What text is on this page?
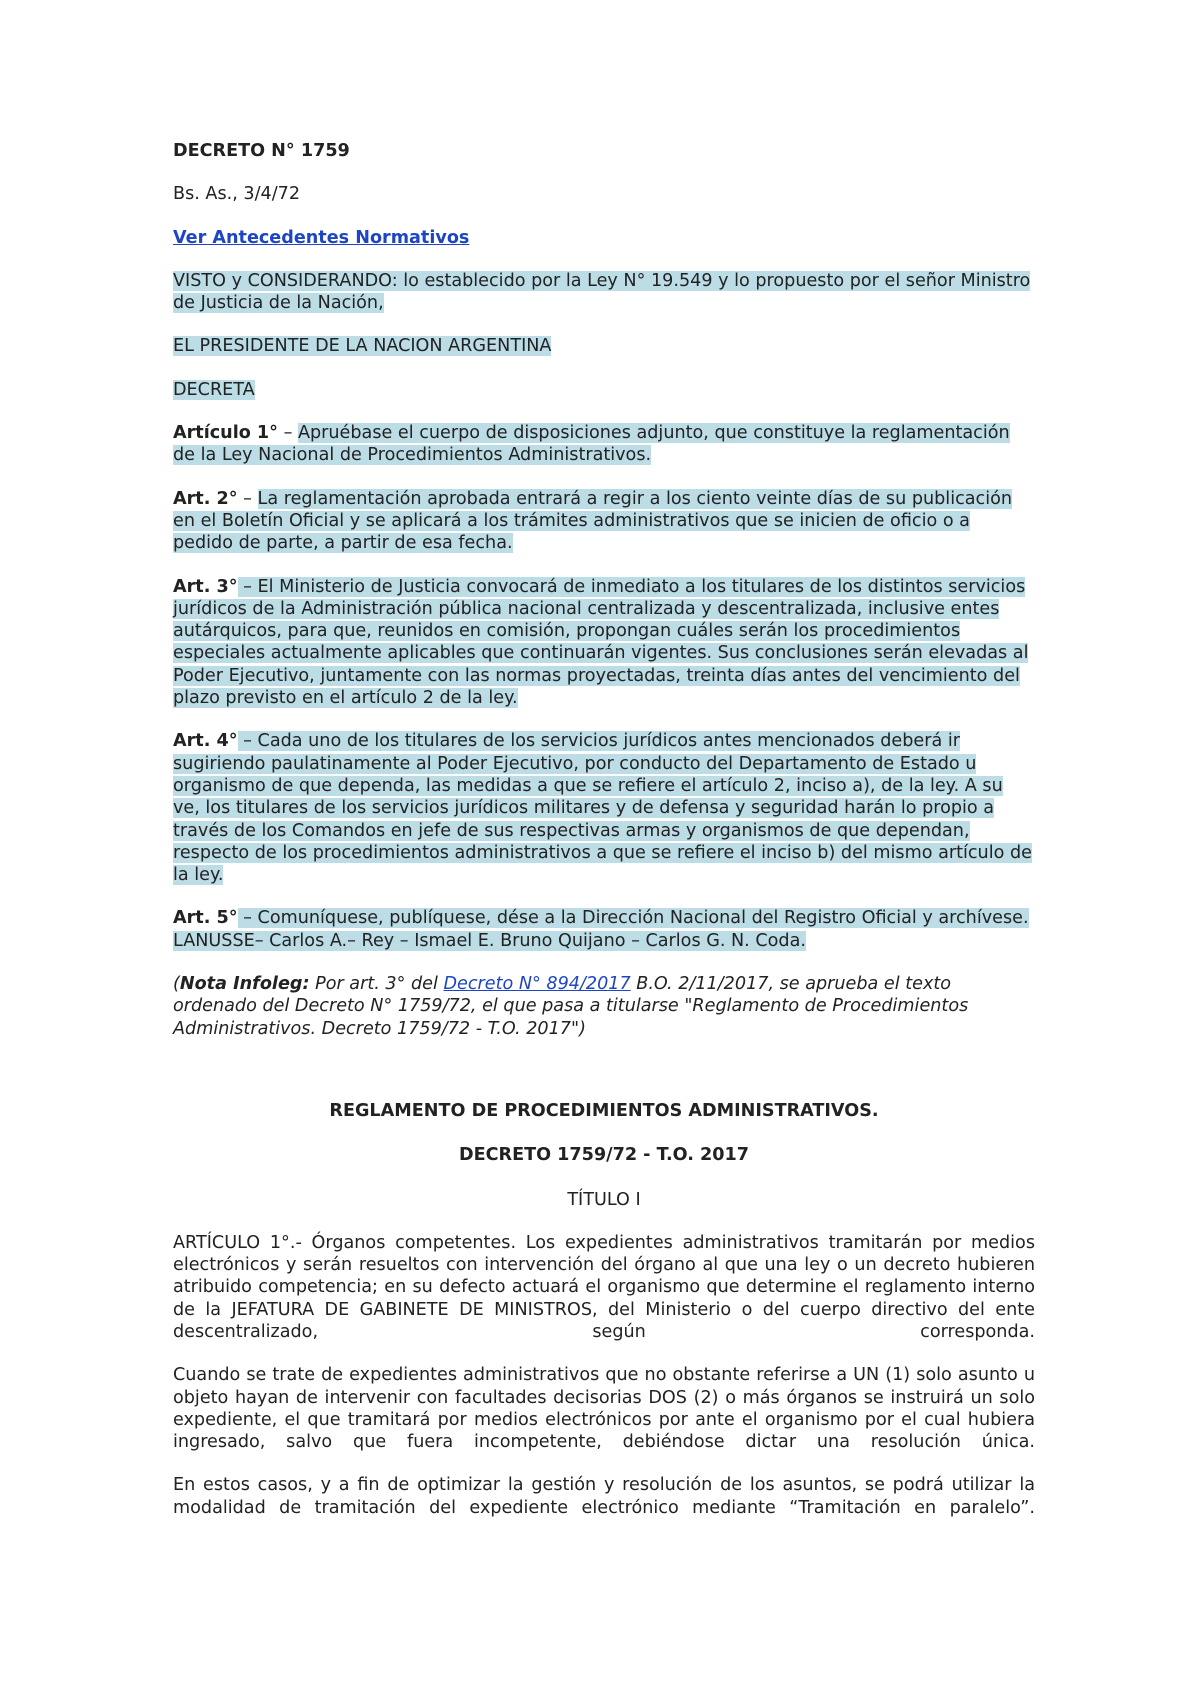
DECRETO N° 1759

Bs. As., 3/4/72

Ver Antecedentes Normativos

VISTO y CONSIDERANDO: lo establecido por la Ley N° 19.549 y lo propuesto por el señor Ministro de Justicia de la Nación,

EL PRESIDENTE DE LA NACION ARGENTINA

DECRETA

Artículo 1° – Apruébase el cuerpo de disposiciones adjunto, que constituye la reglamentación de la Ley Nacional de Procedimientos Administrativos.

Art. 2° – La reglamentación aprobada entrará a regir a los ciento veinte días de su publicación en el Boletín Oficial y se aplicará a los trámites administrativos que se inicien de oficio o a pedido de parte, a partir de esa fecha.

Art. 3° – El Ministerio de Justicia convocará de inmediato a los titulares de los distintos servicios jurídicos de la Administración pública nacional centralizada y descentralizada, inclusive entes autárquicos, para que, reunidos en comisión, propongan cuáles serán los procedimientos especiales actualmente aplicables que continuarán vigentes. Sus conclusiones serán elevadas al Poder Ejecutivo, juntamente con las normas proyectadas, treinta días antes del vencimiento del plazo previsto en el artículo 2 de la ley.

Art. 4° – Cada uno de los titulares de los servicios jurídicos antes mencionados deberá ir sugiriendo paulatinamente al Poder Ejecutivo, por conducto del Departamento de Estado u organismo de que dependa, las medidas a que se refiere el artículo 2, inciso a), de la ley. A su ve, los titulares de los servicios jurídicos militares y de defensa y seguridad harán lo propio a través de los Comandos en jefe de sus respectivas armas y organismos de que dependan, respecto de los procedimientos administrativos a que se refiere el inciso b) del mismo artículo de la ley.

Art. 5° – Comuníquese, publíquese, dése a la Dirección Nacional del Registro Oficial y archívese. LANUSSE– Carlos A.– Rey – Ismael E. Bruno Quijano – Carlos G. N. Coda.

(Nota Infoleg: Por art. 3° del Decreto N° 894/2017 B.O. 2/11/2017, se aprueba el texto ordenado del Decreto N° 1759/72, el que pasa a titularse "Reglamento de Procedimientos Administrativos. Decreto 1759/72 - T.O. 2017")

REGLAMENTO DE PROCEDIMIENTOS ADMINISTRATIVOS.

DECRETO 1759/72 - T.O. 2017

TÍTULO I

ARTÍCULO 1°.- Órganos competentes. Los expedientes administrativos tramitarán por medios electrónicos y serán resueltos con intervención del órgano al que una ley o un decreto hubieren atribuido competencia; en su defecto actuará el organismo que determine el reglamento interno de la JEFATURA DE GABINETE DE MINISTROS, del Ministerio o del cuerpo directivo del ente descentralizado, según corresponda.

Cuando se trate de expedientes administrativos que no obstante referirse a UN (1) solo asunto u objeto hayan de intervenir con facultades decisorias DOS (2) o más órganos se instruirá un solo expediente, el que tramitará por medios electrónicos por ante el organismo por el cual hubiera ingresado, salvo que fuera incompetente, debiéndose dictar una resolución única.

En estos casos, y a fin de optimizar la gestión y resolución de los asuntos, se podrá utilizar la modalidad de tramitación del expediente electrónico mediante “Tramitación en paralelo”.
